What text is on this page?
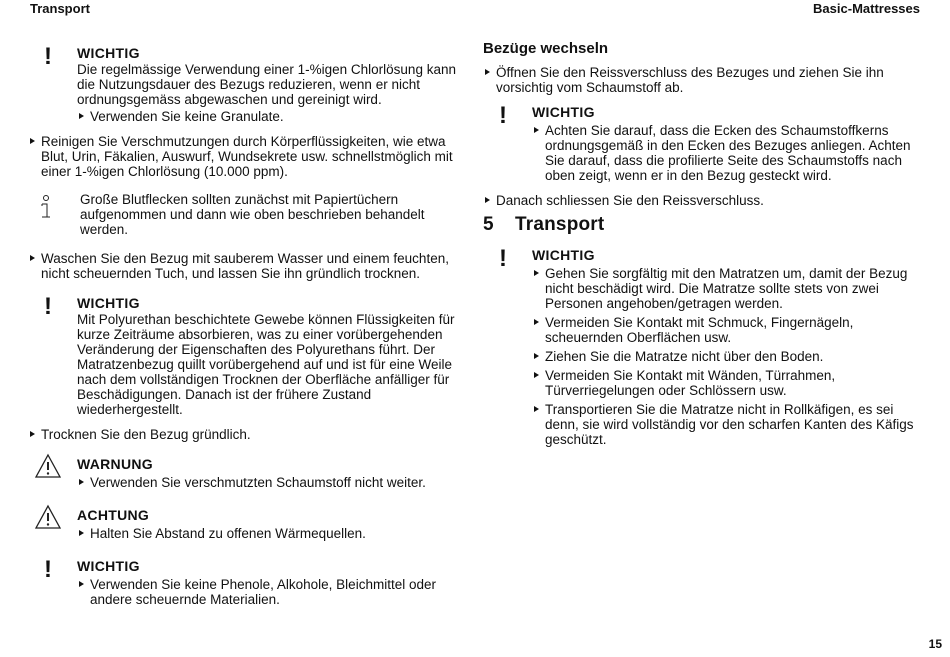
Transport	Basic-Mattresses
!	WICHTIG
Die regelmässige Verwendung einer 1-%igen Chlorlösung kann die Nutzungsdauer des Bezugs reduzieren, wenn er nicht ordnungsgemäss abgewaschen und gereinigt wird.
Verwenden Sie keine Granulate.
Reinigen Sie Verschmutzungen durch Körperflüssigkeiten, wie etwa Blut, Urin, Fäkalien, Auswurf, Wundsekrete usw. schnellstmöglich mit einer 1-%igen Chlorlösung (10.000 ppm).
Große Blutflecken sollten zunächst mit Papiertüchern aufgenommen und dann wie oben beschrieben behandelt werden.
Waschen Sie den Bezug mit sauberem Wasser und einem feuchten, nicht scheuernden Tuch, und lassen Sie ihn gründlich trocknen.
!	WICHTIG
Mit Polyurethan beschichtete Gewebe können Flüssigkeiten für kurze Zeiträume absorbieren, was zu einer vorübergehenden Veränderung der Eigenschaften des Polyurethans führt. Der Matratzenbezug quillt vorübergehend auf und ist für eine Weile nach dem vollständigen Trocknen der Oberfläche anfälliger für Beschädigungen. Danach ist der frühere Zustand wiederhergestellt.
Trocknen Sie den Bezug gründlich.
WARNUNG
Verwenden Sie verschmutzten Schaumstoff nicht weiter.
ACHTUNG
Halten Sie Abstand zu offenen Wärmequellen.
!	WICHTIG
Verwenden Sie keine Phenole, Alkohole, Bleichmittel oder andere scheuernde Materialien.
Bezüge wechseln
Öffnen Sie den Reissverschluss des Bezuges und ziehen Sie ihn vorsichtig vom Schaumstoff ab.
!	WICHTIG
Achten Sie darauf, dass die Ecken des Schaumstoffkerns ordnungsgemäß in den Ecken des Bezuges anliegen. Achten Sie darauf, dass die profilierte Seite des Schaumstoffs nach oben zeigt, wenn er in den Bezug gesteckt wird.
Danach schliessen Sie den Reissverschluss.
5 Transport
!	WICHTIG
Gehen Sie sorgfältig mit den Matratzen um, damit der Bezug nicht beschädigt wird. Die Matratze sollte stets von zwei Personen angehoben/getragen werden.
Vermeiden Sie Kontakt mit Schmuck, Fingernägeln, scheuernden Oberflächen usw.
Ziehen Sie die Matratze nicht über den Boden.
Vermeiden Sie Kontakt mit Wänden, Türrahmen, Türverriegelungen oder Schlössern usw.
Transportieren Sie die Matratze nicht in Rollkäfigen, es sei denn, sie wird vollständig vor den scharfen Kanten des Käfigs geschützt.
15
